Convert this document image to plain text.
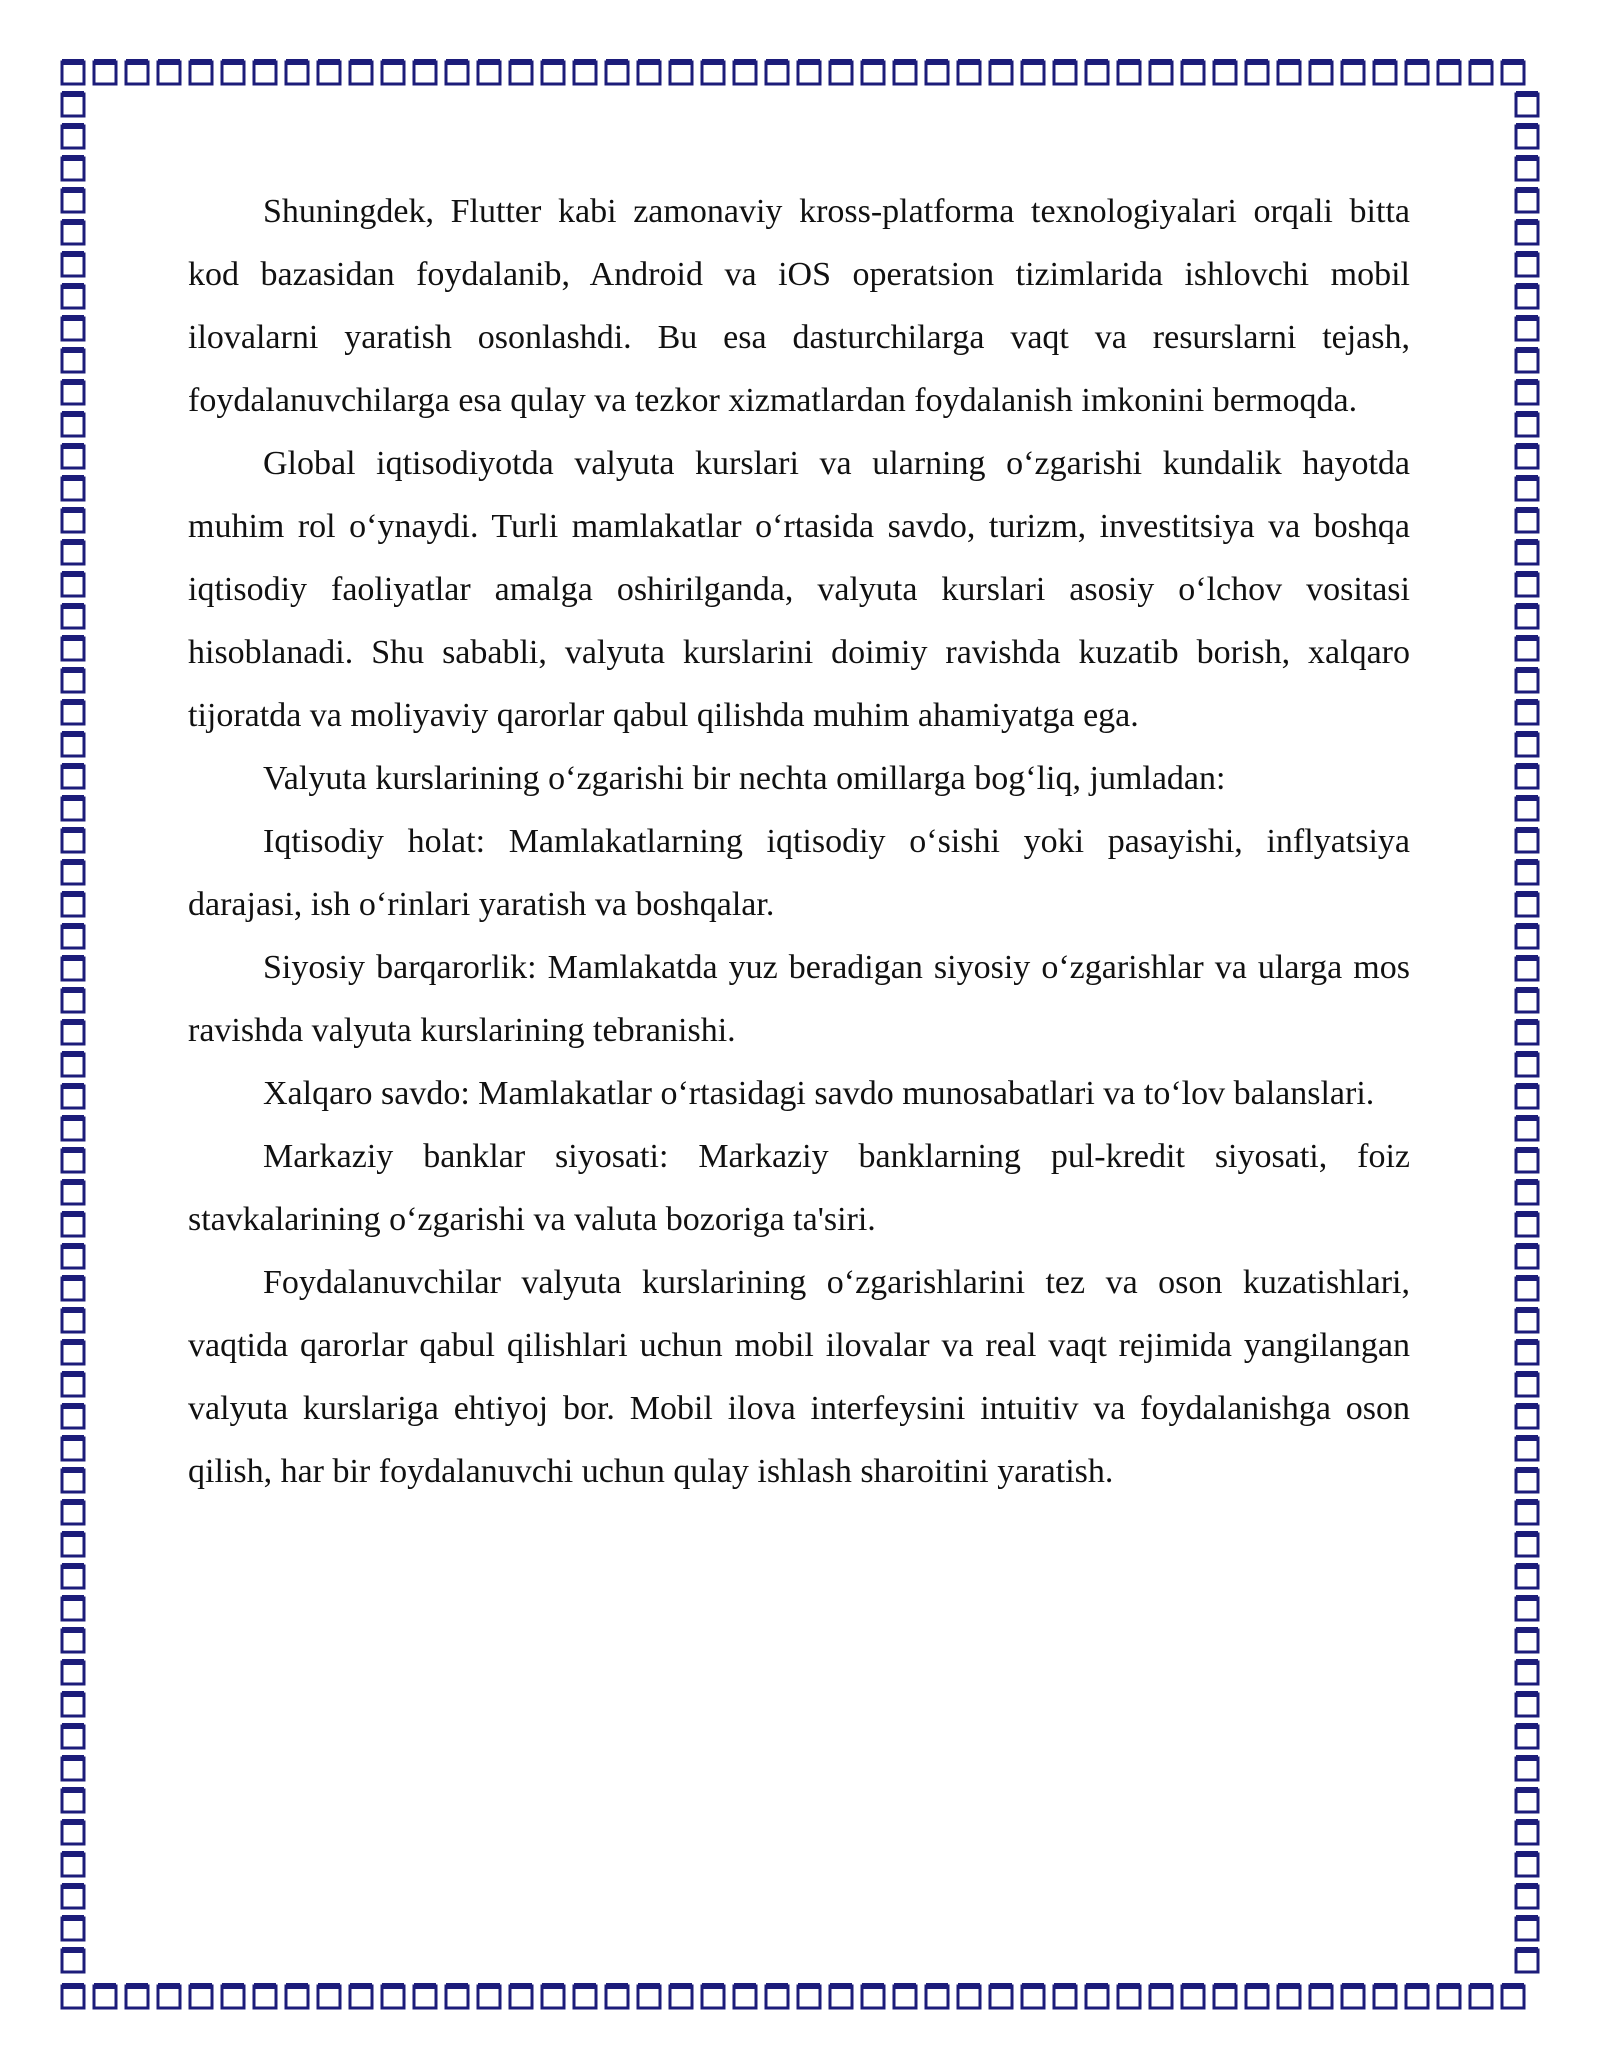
Shuningdek, Flutter kabi zamonaviy kross-platforma texnologiyalari orqali bitta kod bazasidan foydalanib, Android va iOS operatsion tizimlarida ishlovchi mobil ilovalarni yaratish osonlashdi. Bu esa dasturchilarga vaqt va resurslarni tejash, foydalanuvchilarga esa qulay va tezkor xizmatlardan foydalanish imkonini bermoqda.

Global iqtisodiyotda valyuta kurslari va ularning o‘zgarishi kundalik hayotda muhim rol o‘ynaydi. Turli mamlakatlar o‘rtasida savdo, turizm, investitsiya va boshqa iqtisodiy faoliyatlar amalga oshirilganda, valyuta kurslari asosiy o‘lchov vositasi hisoblanadi. Shu sababli, valyuta kurslarini doimiy ravishda kuzatib borish, xalqaro tijoratda va moliyaviy qarorlar qabul qilishda muhim ahamiyatga ega.

Valyuta kurslarining o‘zgarishi bir nechta omillarga bog‘liq, jumladan:

Iqtisodiy holat: Mamlakatlarning iqtisodiy o‘sishi yoki pasayishi, inflyatsiya darajasi, ish o‘rinlari yaratish va boshqalar.

Siyosiy barqarorlik: Mamlakatda yuz beradigan siyosiy o‘zgarishlar va ularga mos ravishda valyuta kurslarining tebranishi.

Xalqaro savdo: Mamlakatlar o‘rtasidagi savdo munosabatlari va to‘lov balanslari.

Markaziy banklar siyosati: Markaziy banklarning pul-kredit siyosati, foiz stavkalarining o‘zgarishi va valuta bozoriga ta'siri.

Foydalanuvchilar valyuta kurslarining o‘zgarishlarini tez va oson kuzatishlari, vaqtida qarorlar qabul qilishlari uchun mobil ilovalar va real vaqt rejimida yangilangan valyuta kurslariga ehtiyoj bor. Mobil ilova interfeysini intuitiv va foydalanishga oson qilish, har bir foydalanuvchi uchun qulay ishlash sharoitini yaratish.
